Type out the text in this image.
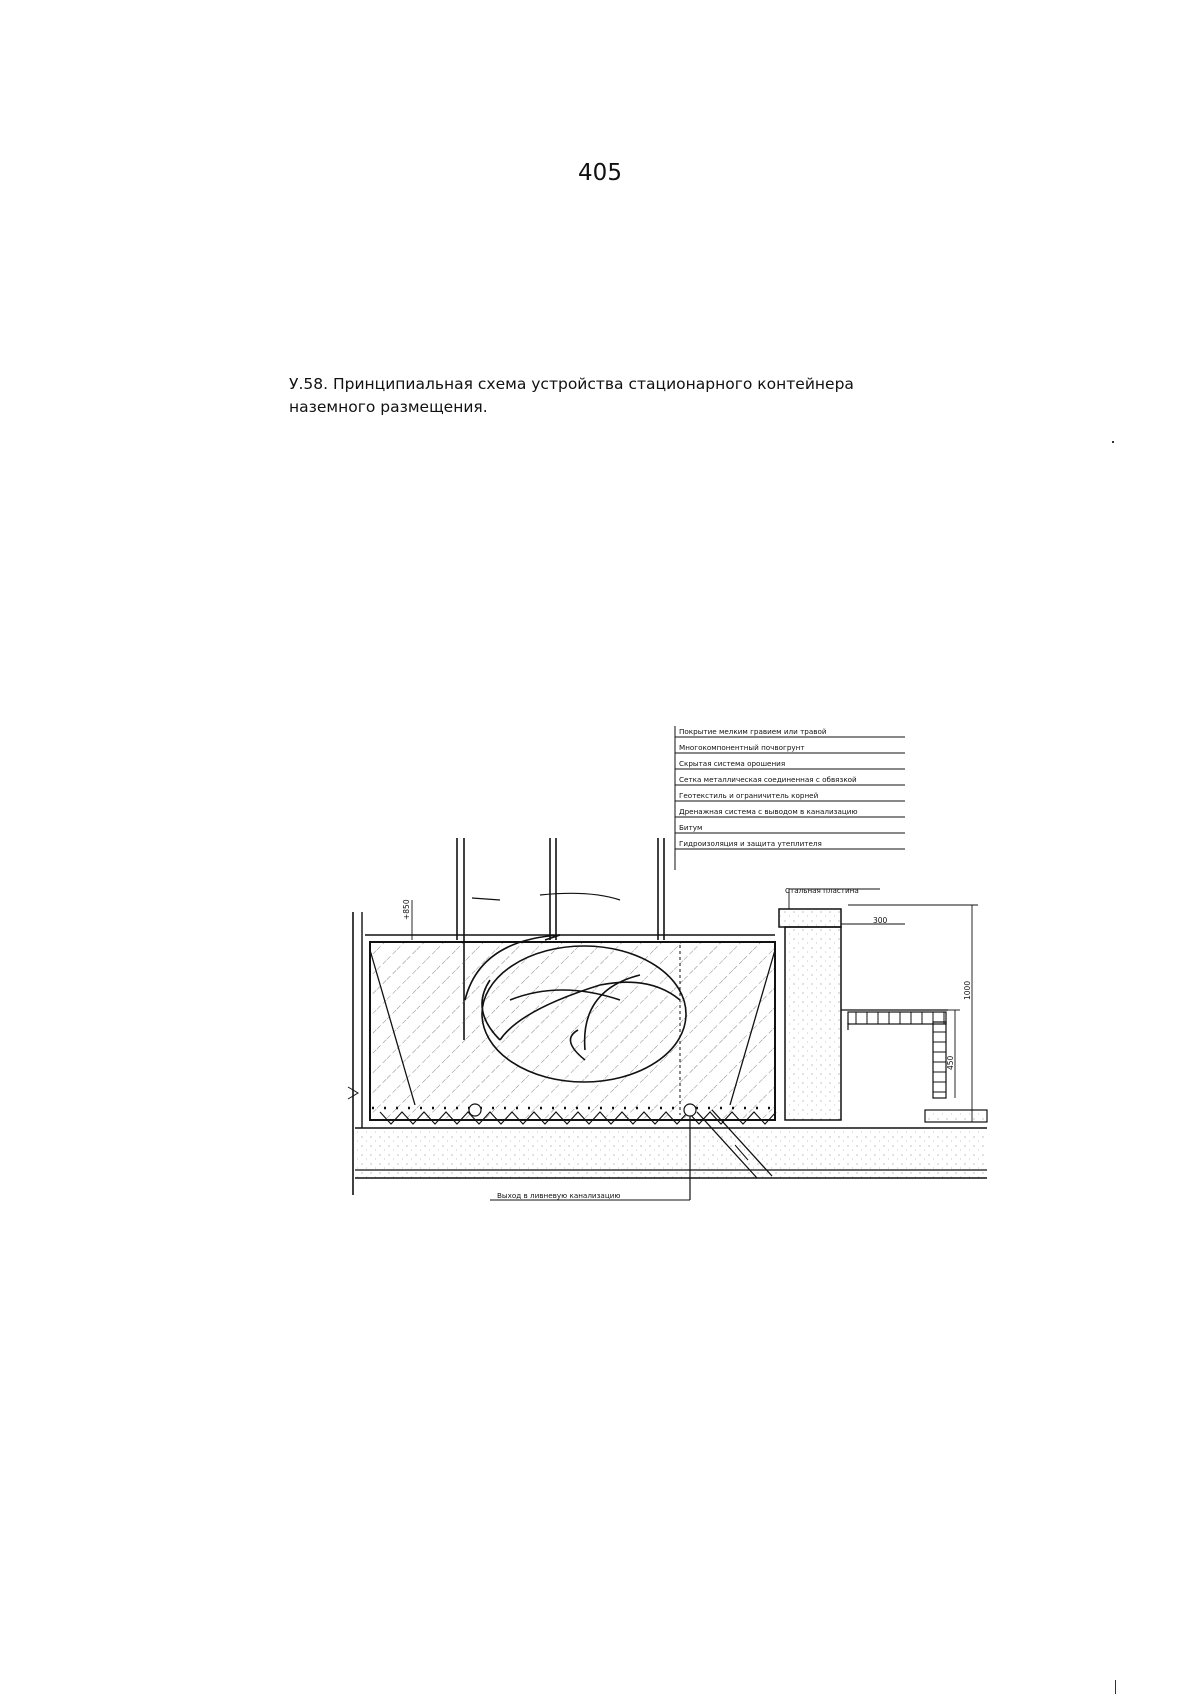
405
У.58. Принципиальная схема устройства стационарного контейнера наземного размещения.
Покрытие мелким гравием или травой
Многокомпонентный почвогрунт
Скрытая система орошения
Сетка металлическая соединенная с обвязкой
Геотекстиль и ограничитель корней
Дренажная система с выводом в канализацию
Битум
Гидроизоляция и защита утеплителя
+850
300
1000
450
Стальная пластина
Выход в ливневую канализацию
